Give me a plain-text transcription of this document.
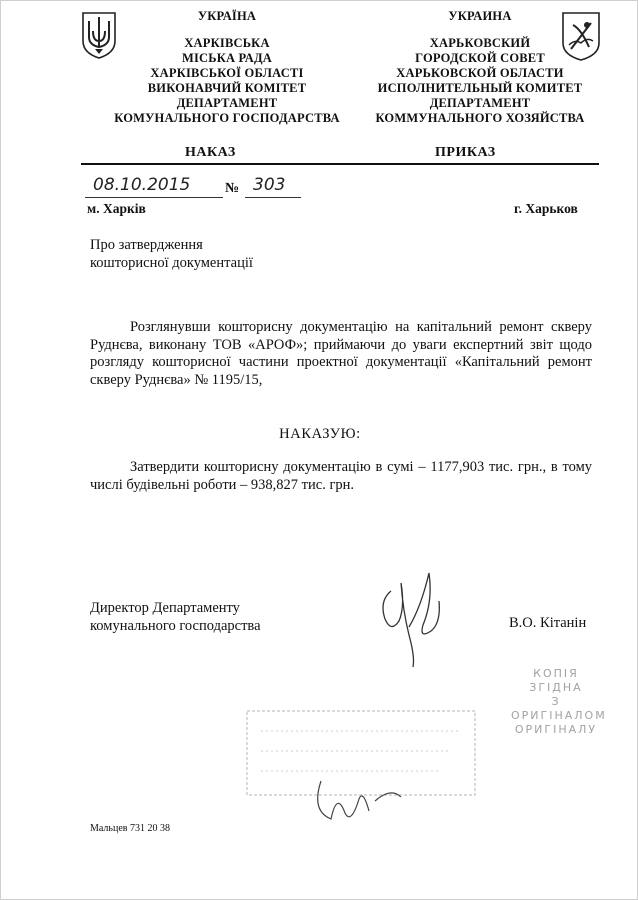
УКРАЇНА
ХАРКІВСЬКА
МІСЬКА РАДА
ХАРКІВСЬКОЇ ОБЛАСТІ
ВИКОНАВЧИЙ КОМІТЕТ
ДЕПАРТАМЕНТ
КОМУНАЛЬНОГО ГОСПОДАРСТВА
УКРАИНА
ХАРЬКОВСКИЙ
ГОРОДСКОЙ СОВЕТ
ХАРЬКОВСКОЙ ОБЛАСТИ
ИСПОЛНИТЕЛЬНЫЙ КОМИТЕТ
ДЕПАРТАМЕНТ
КОММУНАЛЬНОГО ХОЗЯЙСТВА
НАКАЗ	ПРИКАЗ
08.10.2015 № 303
м. Харків	г. Харьков
Про затвердження
кошторисної документації
Розглянувши кошторисну документацію на капітальний ремонт скверу Руднєва, виконану ТОВ «АРОФ»; приймаючи до уваги експертний звіт щодо розгляду кошторисної частини проектної документації «Капітальний ремонт скверу Руднєва» № 1195/15,
НАКАЗУЮ:
Затвердити кошторисну документацію в сумі – 1177,903 тис. грн., в тому числі будівельні роботи – 938,827 тис. грн.
Директор Департаменту
комунального господарства	В.О. Кітанін
КОПІЯ ЗГІДНА
З ОРИГІНАЛОМ
ОРИГІНАЛУ
Мальцев 731 20 38
